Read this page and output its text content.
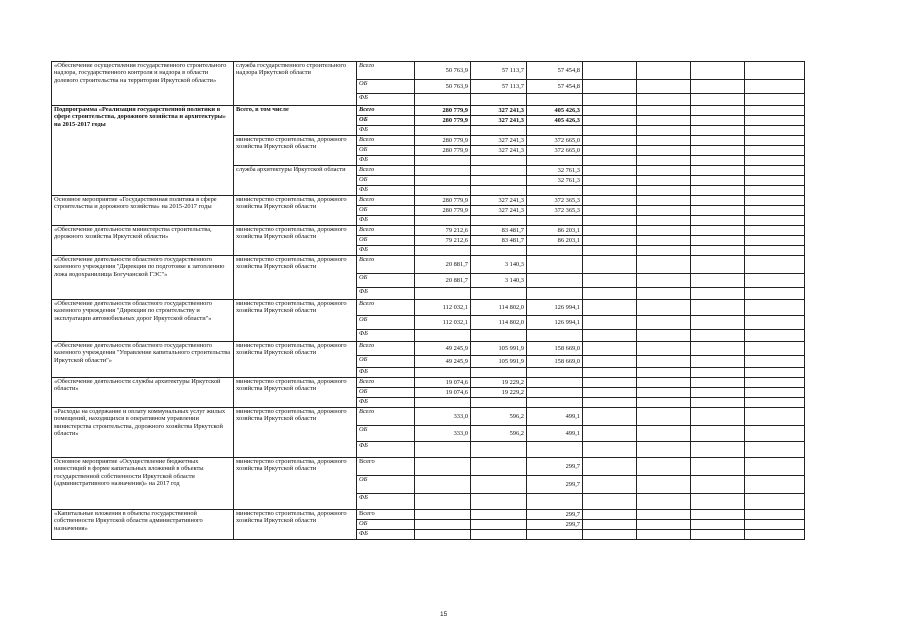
«Обеспечение осуществления государственного строительного надзора, государственного контроля и надзора в области долевого строительства на территории Иркутской области»	служба государственного строительного надзора Иркутской области	Всего	50 763,9	57 113,7	57 454,8				
		ОБ	50 763,9	57 113,7	57 454,8				
		ФБ							
Подпрограмма «Реализация государственной политики в сфере строительства, дорожного хозяйства и архитектуры» на 2015-2017 годы	Всего, в том числе	Всего	280 779,9	327 241,3	405 426,3				
		ОБ	280 779,9	327 241,3	405 426,3				
		ФБ							
	министерство строительства, дорожного хозяйства Иркутской области	Всего	280 779,9	327 241,3	372 665,0				
		ОБ	280 779,9	327 241,3	372 665,0				
		ФБ							
	служба архитектуры Иркутской области	Всего			32 761,3				
		ОБ			32 761,3				
		ФБ							
Основное мероприятие «Государственная политика в сфере строительства и дорожного хозяйства» на 2015-2017 годы	министерство строительства, дорожного хозяйства Иркутской области	Всего	280 779,9	327 241,3	372 365,3				
		ОБ	280 779,9	327 241,3	372 365,3				
		ФБ							
«Обеспечение деятельности министерства строительства, дорожного хозяйства Иркутской области»	министерство строительства, дорожного хозяйства Иркутской области	Всего	79 212,6	83 481,7	86 203,1				
		ОБ	79 212,6	83 481,7	86 203,1				
		ФБ							
«Обеспечение деятельности областного государственного казенного учреждения "Дирекция по подготовке к затоплению ложа водохранилища Богучанской ГЭС"»	министерство строительства, дорожного хозяйства Иркутской области	Всего	20 881,7	3 140,3					
		ОБ	20 881,7	3 140,3					
		ФБ							
«Обеспечение деятельности областного государственного казенного учреждения "Дирекция по строительству и эксплуатации автомобильных дорог Иркутской области"»	министерство строительства, дорожного хозяйства Иркутской области	Всего	112 032,1	114 802,0	126 994,1				
		ОБ	112 032,1	114 802,0	126 994,1				
		ФБ							
«Обеспечение деятельности областного государственного казенного учреждения "Управление капитального строительства Иркутской области"»	министерство строительства, дорожного хозяйства Иркутской области	Всего	49 245,9	105 991,9	158 669,0				
		ОБ	49 245,9	105 991,9	158 669,0				
		ФБ							
«Обеспечение деятельности службы архитектуры Иркутской области»	министерство строительства, дорожного хозяйства Иркутской области	Всего	19 074,6	19 229,2					
		ОБ	19 074,6	19 229,2					
		ФБ							
«Расходы на содержание и оплату коммунальных услуг жилых помещений, находящихся в оперативном управлении министерства строительства, дорожного хозяйства Иркутской области»	министерство строительства, дорожного хозяйства Иркутской области	Всего	333,0	596,2	499,1				
		ОБ	333,0	596,2	499,1				
		ФБ							
Основное мероприятие «Осуществление бюджетных инвестиций в форме капитальных вложений в объекты государственной собственности Иркутской области (административного назначения)» на 2017 год	министерство строительства, дорожного хозяйства Иркутской области	Всего			299,7				
		ОБ			299,7				
		ФБ							
«Капитальные вложения в объекты государственной собственности Иркутской области административного назначения»	министерство строительства, дорожного хозяйства Иркутской области	Всего			299,7				
		ОБ			299,7				
		ФБ							
15
